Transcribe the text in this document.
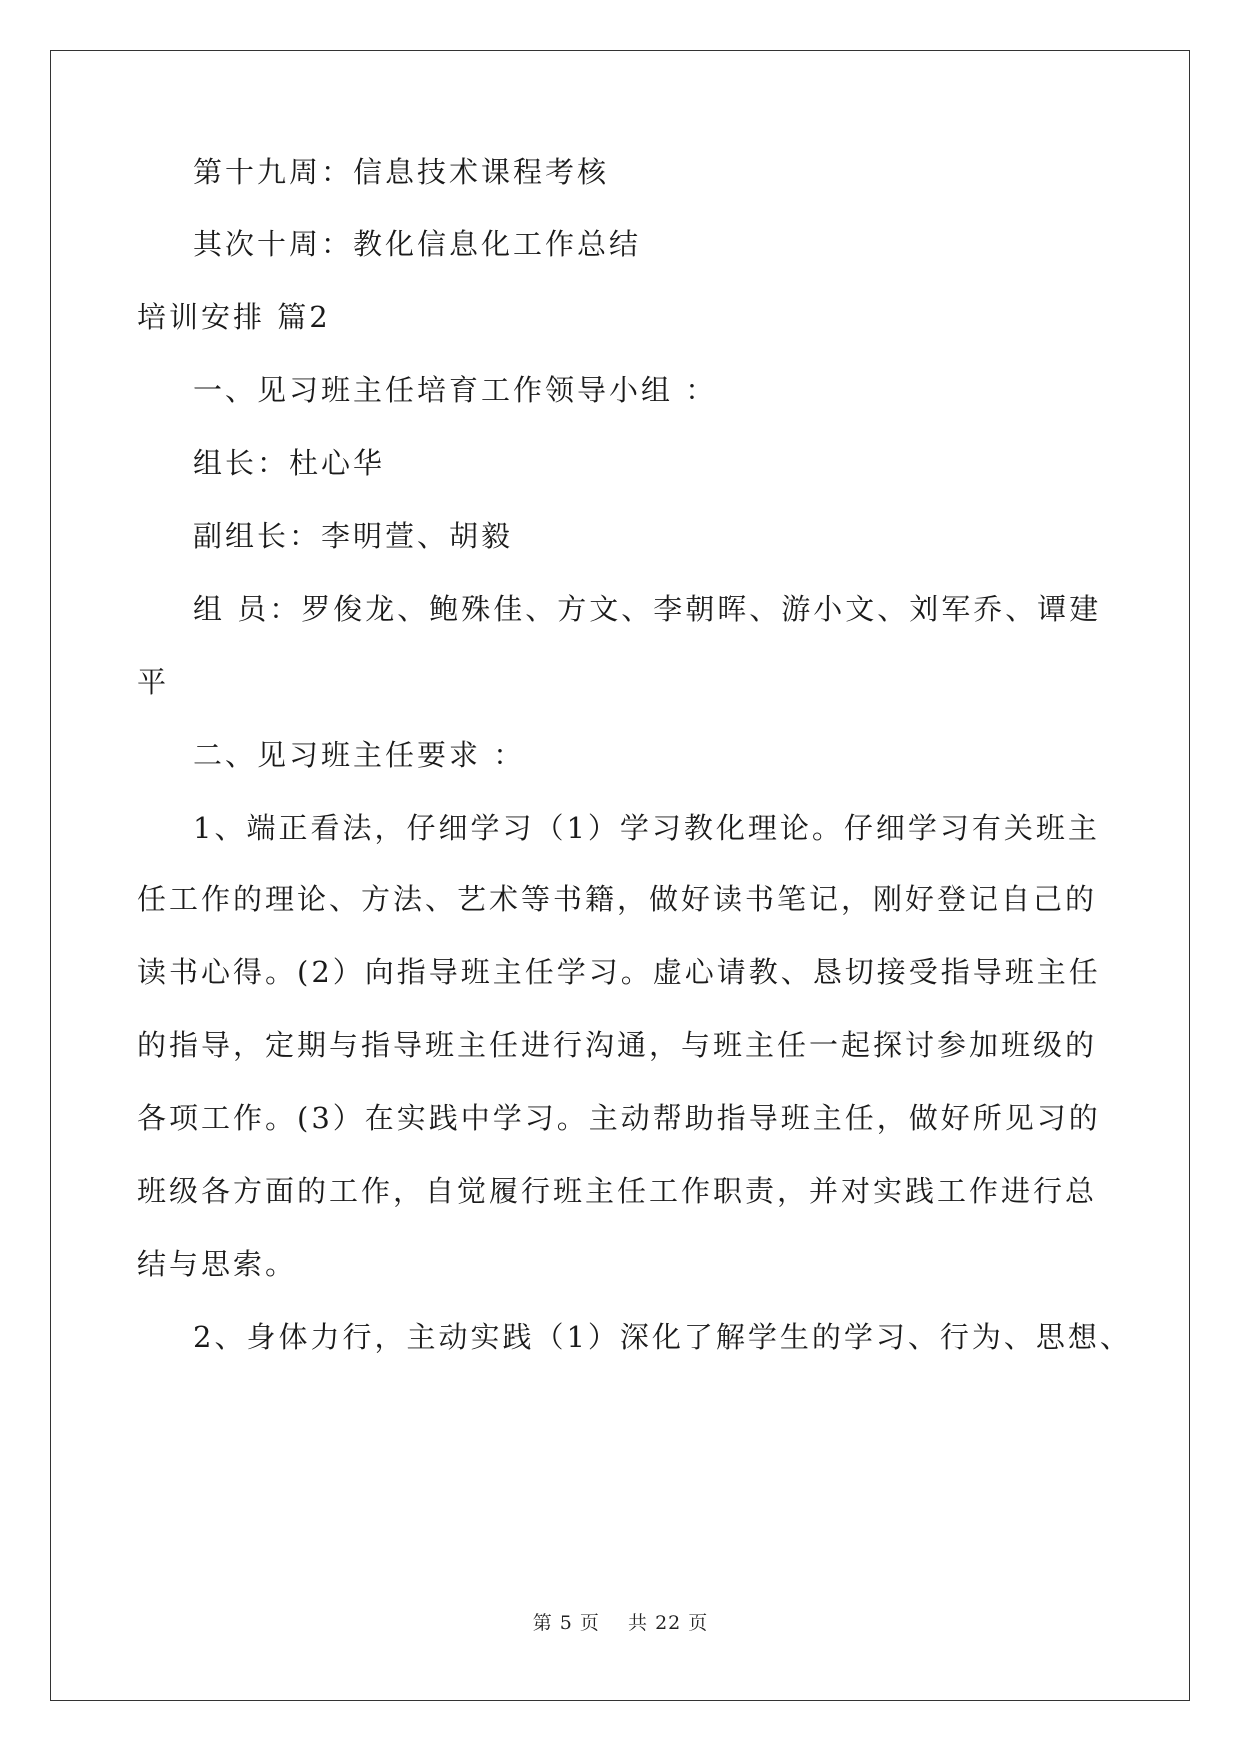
第十九周：信息技术课程考核
其次十周：教化信息化工作总结
培训安排 篇2
一、见习班主任培育工作领导小组 ：
组长：杜心华
副组长：李明萱、胡毅
组 员：罗俊龙、鲍殊佳、方文、李朝晖、游小文、刘军乔、谭建
平
二、见习班主任要求 ：
1、端正看法，仔细学习（1）学习教化理论。仔细学习有关班主
任工作的理论、方法、艺术等书籍，做好读书笔记，刚好登记自己的
读书心得。(2）向指导班主任学习。虚心请教、恳切接受指导班主任
的指导，定期与指导班主任进行沟通，与班主任一起探讨参加班级的
各项工作。(3）在实践中学习。主动帮助指导班主任，做好所见习的
班级各方面的工作，自觉履行班主任工作职责，并对实践工作进行总
结与思索。
2、身体力行，主动实践（1）深化了解学生的学习、行为、思想、
第 5 页    共 22 页
